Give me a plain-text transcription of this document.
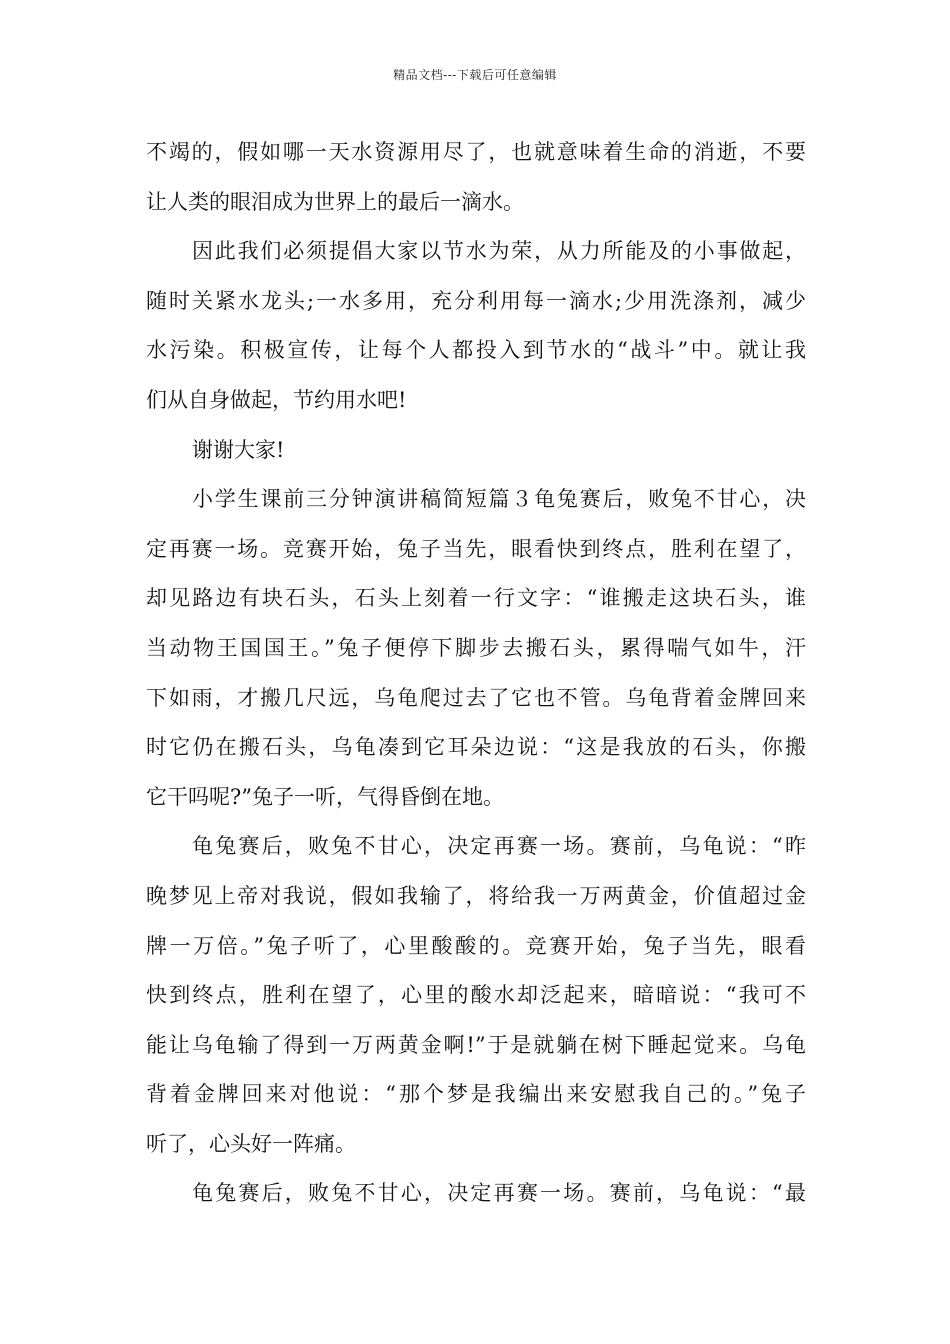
精品文档---下载后可任意编辑
不竭的，假如哪一天水资源用尽了，也就意味着生命的消逝，不要
让人类的眼泪成为世界上的最后一滴水。
因此我们必须提倡大家以节水为荣，从力所能及的小事做起，
随时关紧水龙头;一水多用，充分利用每一滴水;少用洗涤剂，减少
水污染。积极宣传，让每个人都投入到节水的“战斗”中。就让我
们从自身做起，节约用水吧!
谢谢大家!
小学生课前三分钟演讲稿简短篇３龟兔赛后，败兔不甘心，决
定再赛一场。竞赛开始，兔子当先，眼看快到终点，胜利在望了，
却见路边有块石头，石头上刻着一行文字：“谁搬走这块石头，谁
当动物王国国王。”兔子便停下脚步去搬石头，累得喘气如牛，汗
下如雨，才搬几尺远，乌龟爬过去了它也不管。乌龟背着金牌回来
时它仍在搬石头，乌龟凑到它耳朵边说：“这是我放的石头，你搬
它干吗呢?”兔子一听，气得昏倒在地。
龟兔赛后，败兔不甘心，决定再赛一场。赛前，乌龟说：“昨
晚梦见上帝对我说，假如我输了，将给我一万两黄金，价值超过金
牌一万倍。”兔子听了，心里酸酸的。竞赛开始，兔子当先，眼看
快到终点，胜利在望了，心里的酸水却泛起来，暗暗说：“我可不
能让乌龟输了得到一万两黄金啊!”于是就躺在树下睡起觉来。乌龟
背着金牌回来对他说：“那个梦是我编出来安慰我自己的。”兔子
听了，心头好一阵痛。
龟兔赛后，败兔不甘心，决定再赛一场。赛前，乌龟说：“最
